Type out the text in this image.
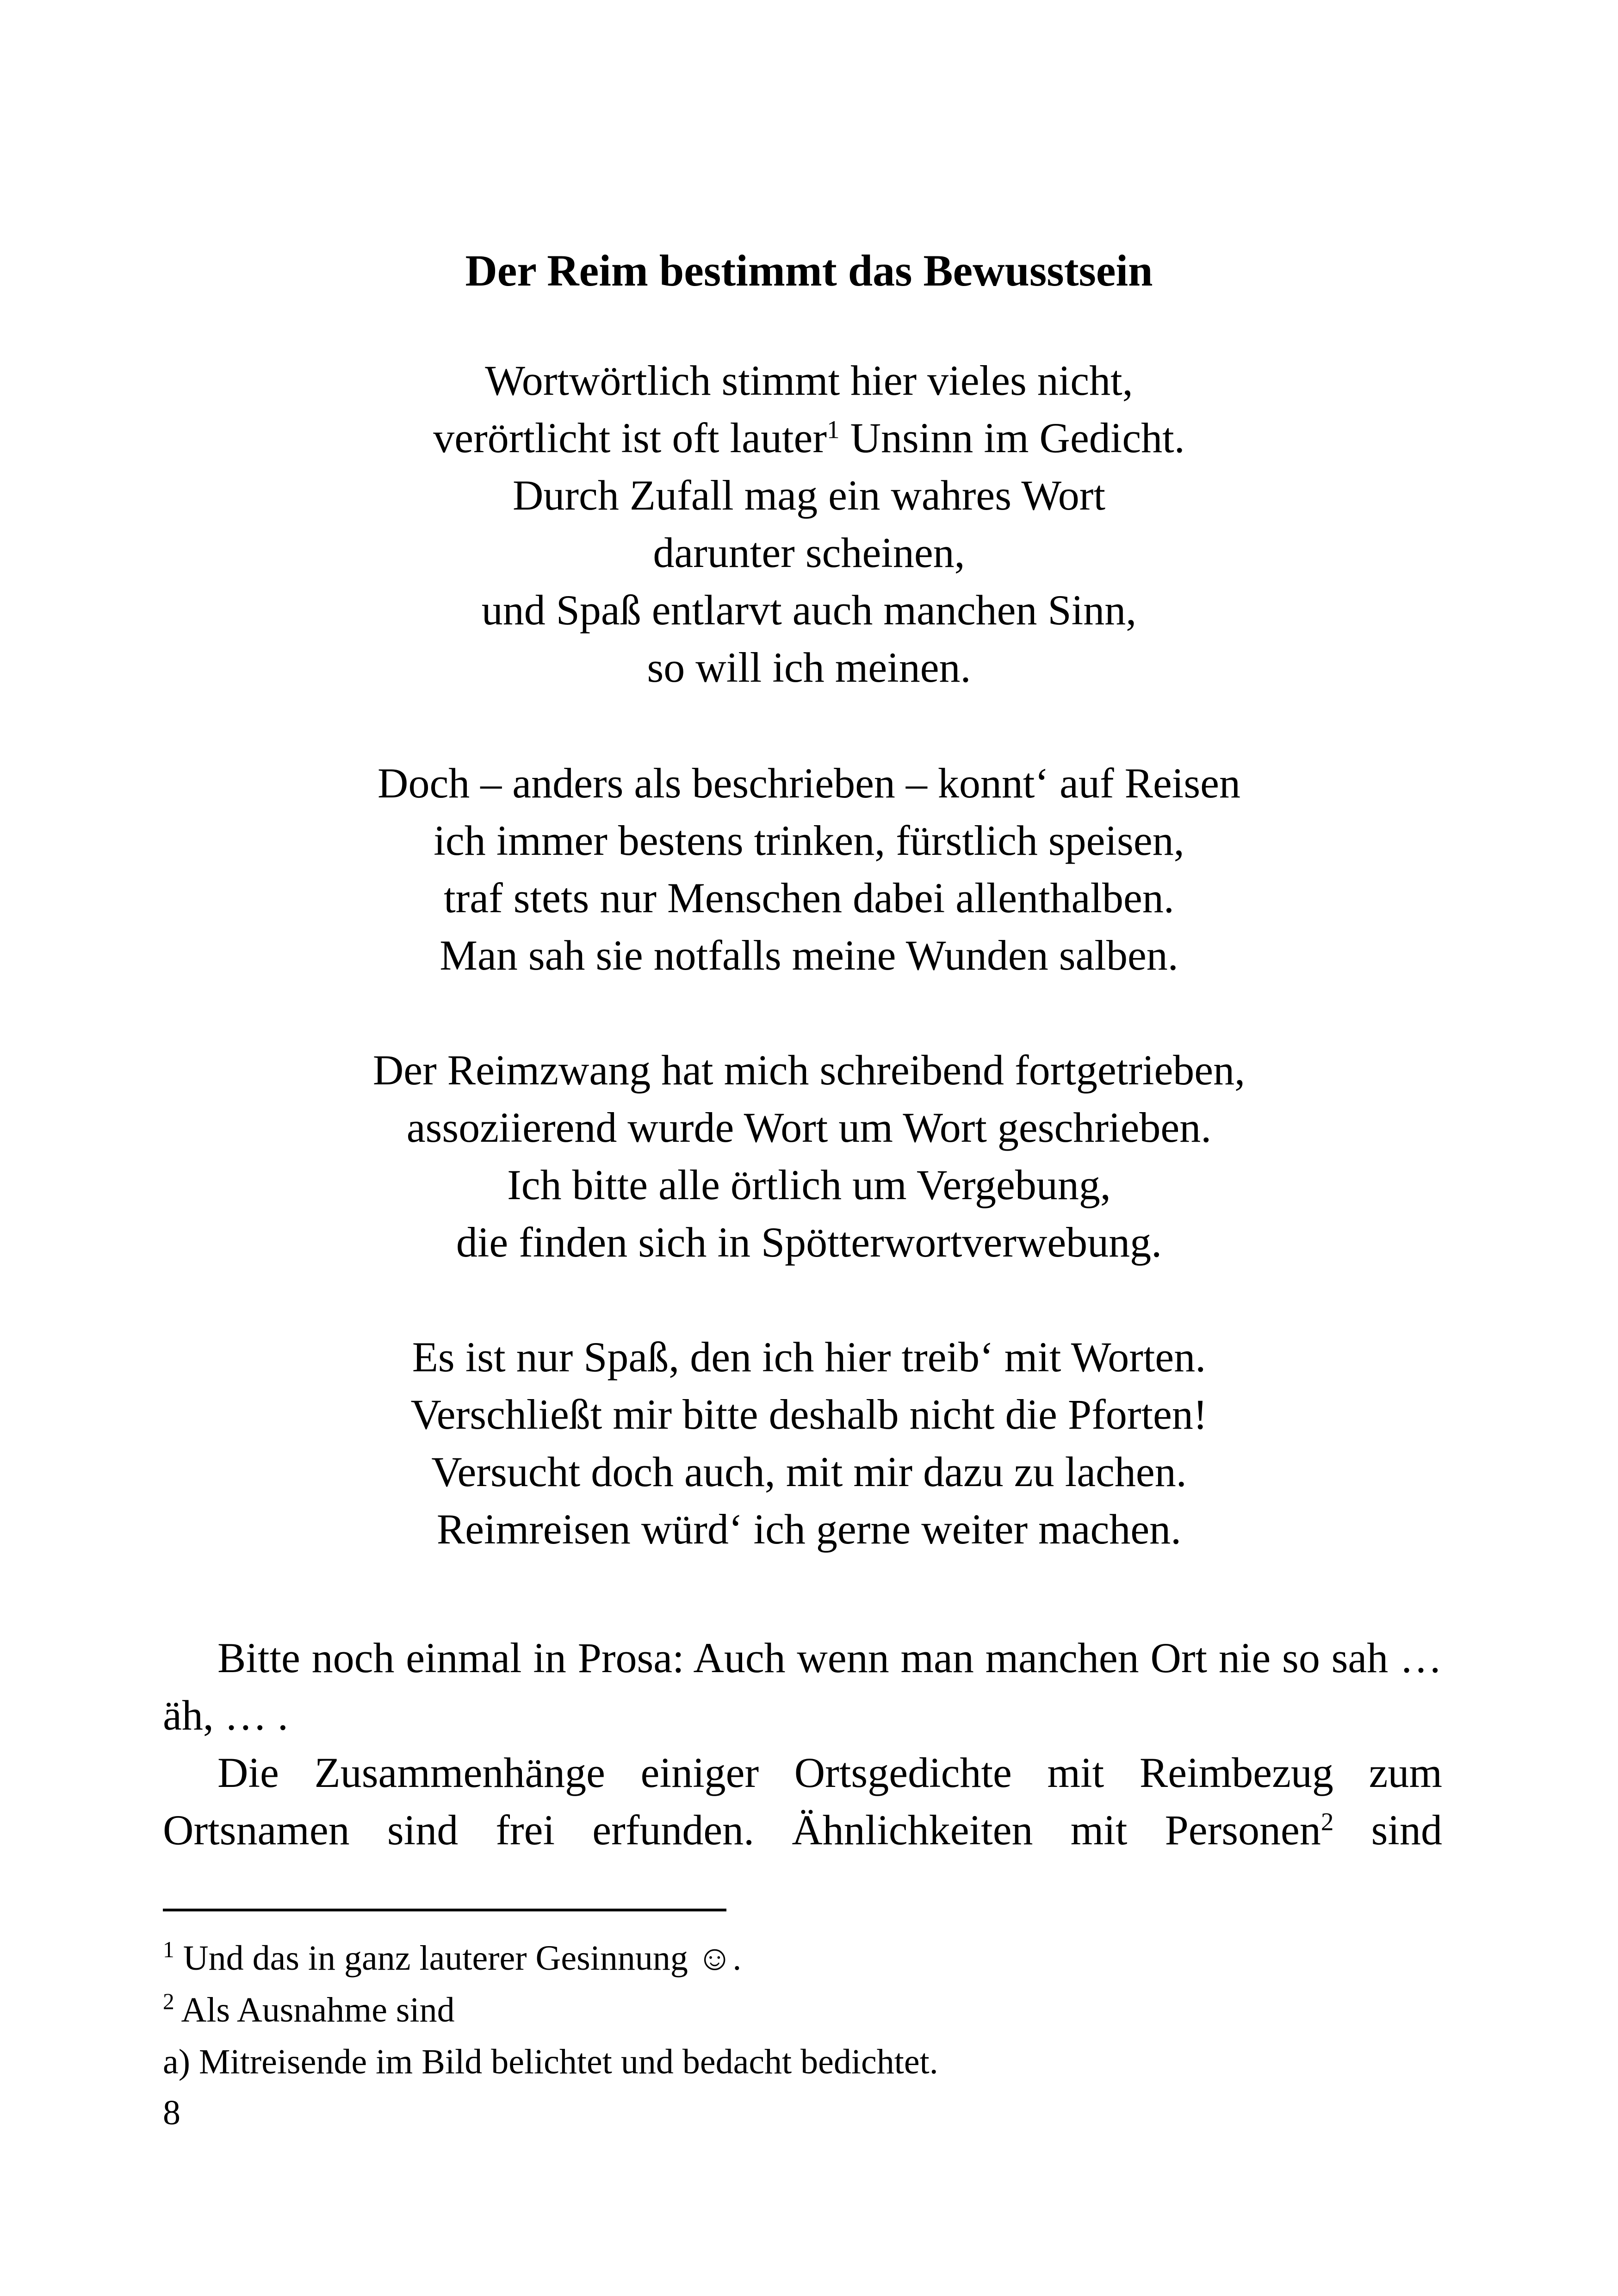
Der Reim bestimmt das Bewusstsein
Wortwörtlich stimmt hier vieles nicht,
verörtlicht ist oft lauter$^1$ Unsinn im Gedicht.
Durch Zufall mag ein wahres Wort
darunter scheinen,
und Spaß entlarvt auch manchen Sinn,
so will ich meinen.
Doch – anders als beschrieben – konnt‘ auf Reisen
ich immer bestens trinken, fürstlich speisen,
traf stets nur Menschen dabei allenthalben.
Man sah sie notfalls meine Wunden salben.
Der Reimzwang hat mich schreibend fortgetrieben,
assoziierend wurde Wort um Wort geschrieben.
Ich bitte alle örtlich um Vergebung,
die finden sich in Spötterwortverwebung.
Es ist nur Spaß, den ich hier treib‘ mit Worten.
Verschließt mir bitte deshalb nicht die Pforten!
Versucht doch auch, mit mir dazu zu lachen.
Reimreisen würd‘ ich gerne weiter machen.

Bitte noch einmal in Prosa: Auch wenn man manchen Ort nie so sah … äh, … .

Die Zusammenhänge einiger Ortsgedichte mit Reimbezug zum Ortsnamen sind frei erfunden. Ähnlichkeiten mit Personen$^2$ sind

$^1$ Und das in ganz lauterer Gesinnung ☺.
$^2$ Als Ausnahme sind
a) Mitreisende im Bild belichtet und bedacht bedichtet.
8
